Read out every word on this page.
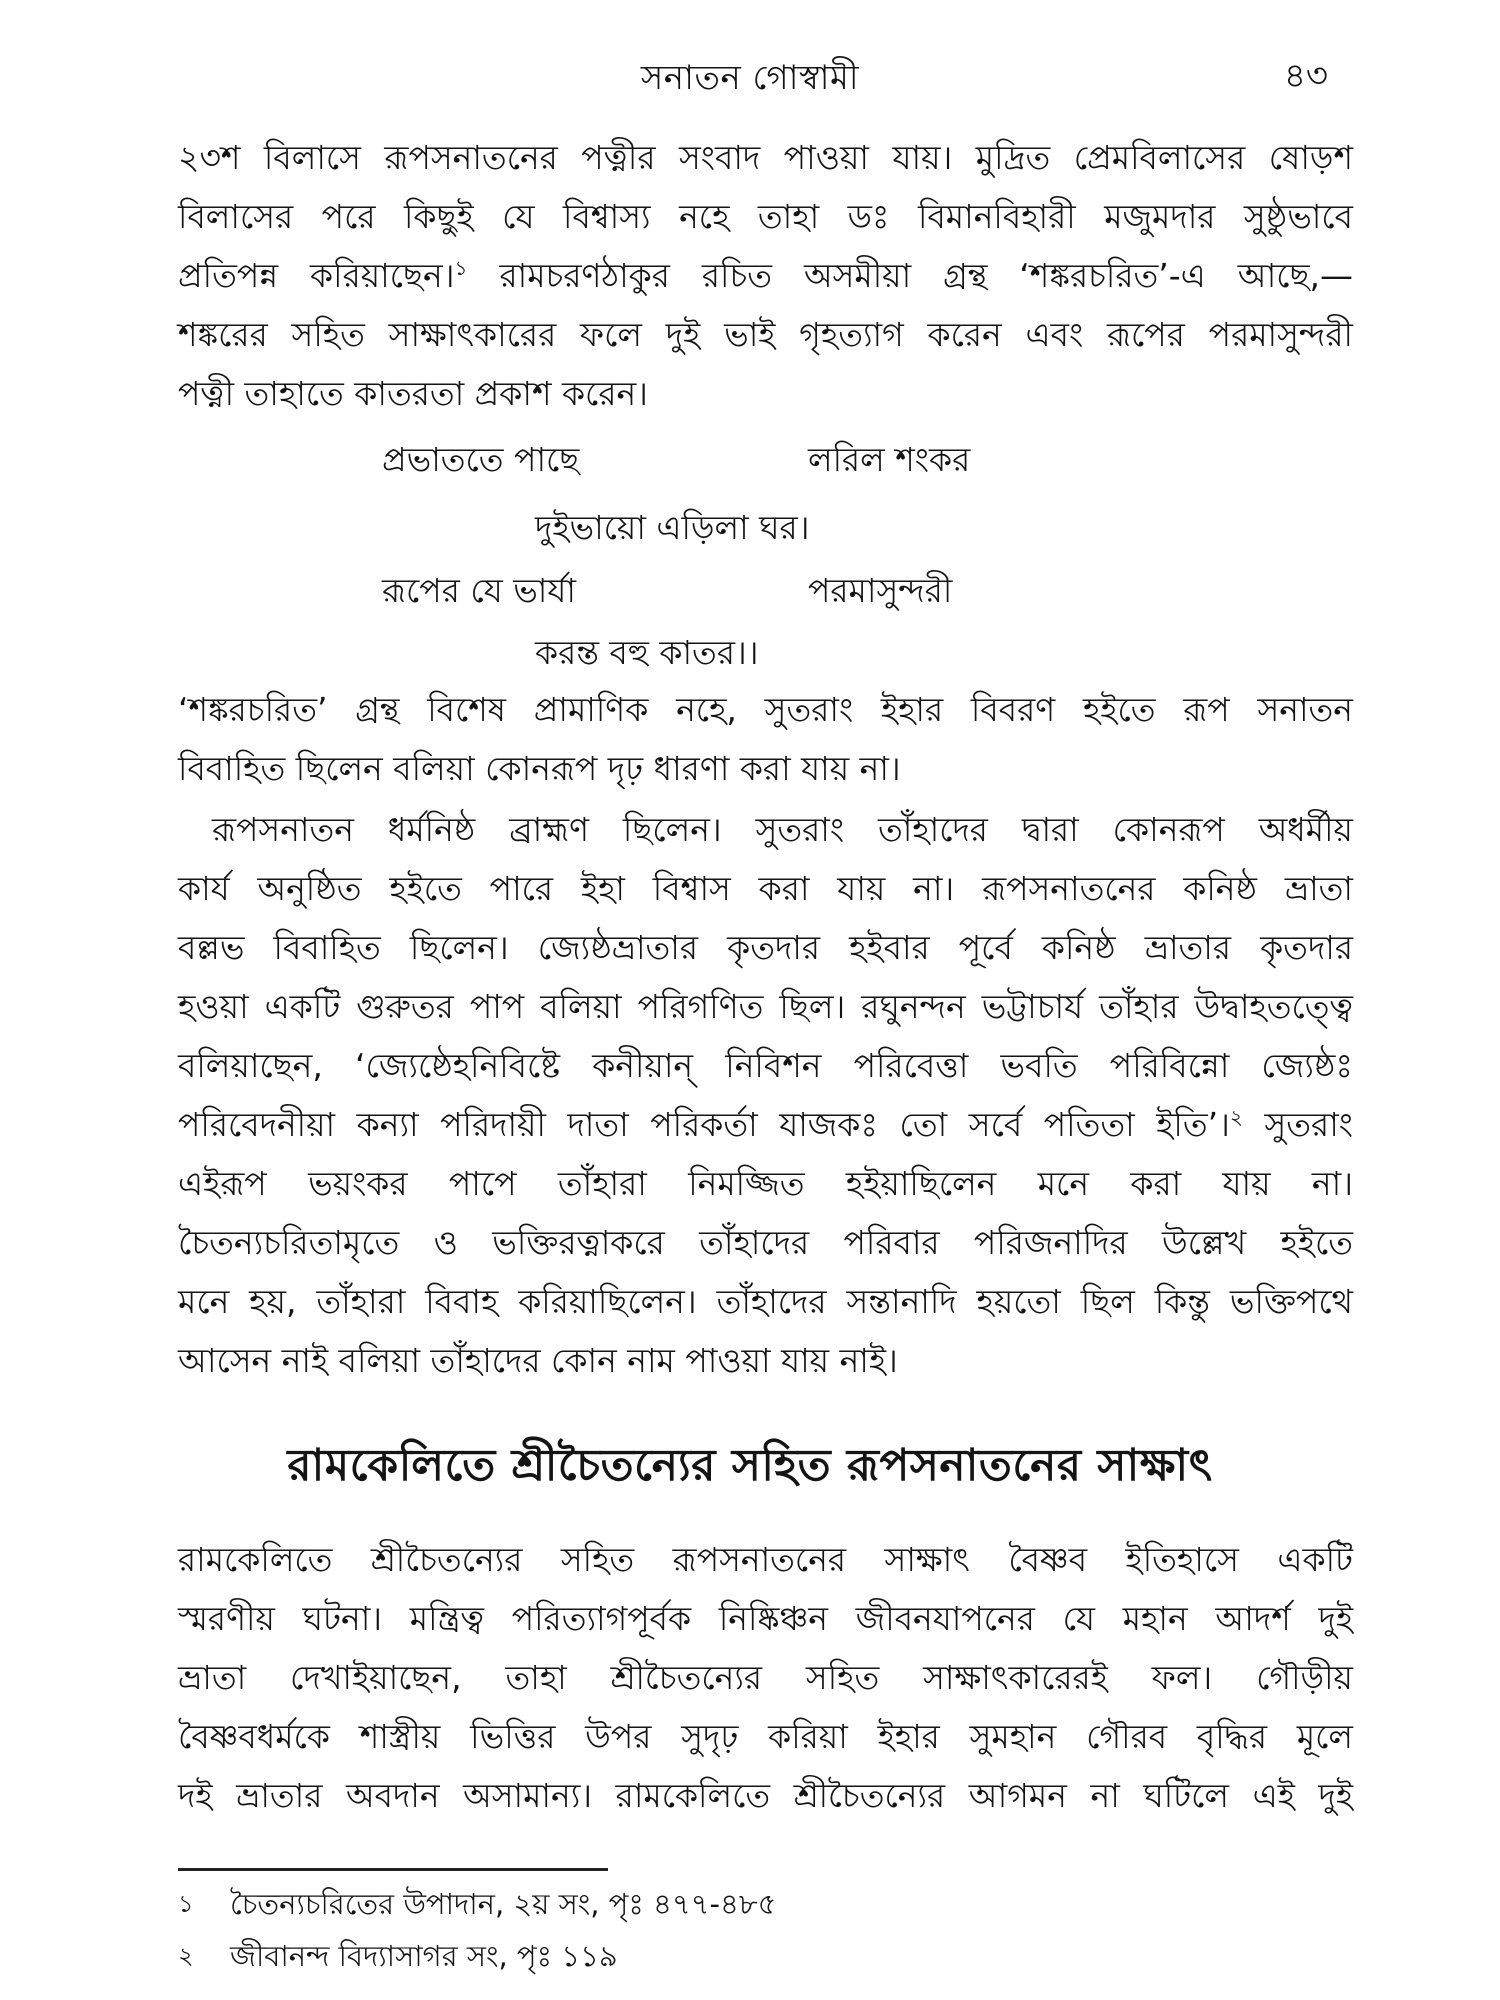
সনাতন গোস্বামী	৪৩

২৩শ বিলাসে রূপসনাতনের পত্নীর সংবাদ পাওয়া যায়। মুদ্রিত প্রেমবিলাসের ষোড়শ

বিলাসের পরে কিছুই যে বিশ্বাস্য নহে তাহা ডঃ বিমানবিহারী মজুমদার সুষ্ঠুভাবে

প্রতিপন্ন করিয়াছেন।$^১$ রামচরণঠাকুর রচিত অসমীয়া গ্রন্থ ‘শঙ্করচরিত’-এ আছে,—

শঙ্করের সহিত সাক্ষাৎকারের ফলে দুই ভাই গৃহত্যাগ করেন এবং রূপের পরমাসুন্দরী

পত্নী তাহাতে কাতরতা প্রকাশ করেন।

প্রভাততে পাছে	লরিল শংকর
দুইভায়ো এড়িলা ঘর।
রূপের যে ভার্যা	পরমাসুন্দরী
করন্ত বহু কাতর।।

‘শঙ্করচরিত’ গ্রন্থ বিশেষ প্রামাণিক নহে, সুতরাং ইহার বিবরণ হইতে রূপ সনাতন

বিবাহিত ছিলেন বলিয়া কোনরূপ দৃঢ় ধারণা করা যায় না।

রূপসনাতন ধর্মনিষ্ঠ ব্রাহ্মণ ছিলেন। সুতরাং তাঁহাদের দ্বারা কোনরূপ অধর্মীয়

কার্য অনুষ্ঠিত হইতে পারে ইহা বিশ্বাস করা যায় না। রূপসনাতনের কনিষ্ঠ ভ্রাতা

বল্লভ বিবাহিত ছিলেন। জ্যেষ্ঠভ্রাতার কৃতদার হইবার পূর্বে কনিষ্ঠ ভ্রাতার কৃতদার

হওয়া একটি গুরুতর পাপ বলিয়া পরিগণিত ছিল। রঘুনন্দন ভট্টাচার্য তাঁহার উদ্বাহতত্ত্বে

বলিয়াছেন, ‘জ্যেষ্ঠেহনিবিষ্টে কনীয়ান্‌ নিবিশন পরিবেত্তা ভবতি পরিবিন্নো জ্যেষ্ঠঃ

পরিবেদনীয়া কন্যা পরিদায়ী দাতা পরিকর্তা যাজকঃ তো সর্বে পতিতা ইতি’।$^২$ সুতরাং

এইরূপ ভয়ংকর পাপে তাঁহারা নিমজ্জিত হইয়াছিলেন মনে করা যায় না।

চৈতন্যচরিতামৃতে ও ভক্তিরত্নাকরে তাঁহাদের পরিবার পরিজনাদির উল্লেখ হইতে

মনে হয়, তাঁহারা বিবাহ করিয়াছিলেন। তাঁহাদের সন্তানাদি হয়তো ছিল কিন্তু ভক্তিপথে

আসেন নাই বলিয়া তাঁহাদের কোন নাম পাওয়া যায় নাই।

রামকেলিতে শ্রীচৈতন্যের সহিত রূপসনাতনের সাক্ষাৎ

রামকেলিতে শ্রীচৈতন্যের সহিত রূপসনাতনের সাক্ষাৎ বৈষ্ণব ইতিহাসে একটি

স্মরণীয় ঘটনা। মন্ত্রিত্ব পরিত্যাগপূর্বক নিষ্কিঞ্চন জীবনযাপনের যে মহান আদর্শ দুই

ভ্রাতা দেখাইয়াছেন, তাহা শ্রীচৈতন্যের সহিত সাক্ষাৎকারেরই ফল। গৌড়ীয়

বৈষ্ণবধর্মকে শাস্ত্রীয় ভিত্তির উপর সুদৃঢ় করিয়া ইহার সুমহান গৌরব বৃদ্ধির মূলে

দই ভ্রাতার অবদান অসামান্য। রামকেলিতে শ্রীচৈতন্যের আগমন না ঘটিলে এই দুই

১ চৈতন্যচরিতের উপাদান, ২য় সং, পৃঃ ৪৭৭-৪৮৫
২ জীবানন্দ বিদ্যাসাগর সং, পৃঃ ১১৯
